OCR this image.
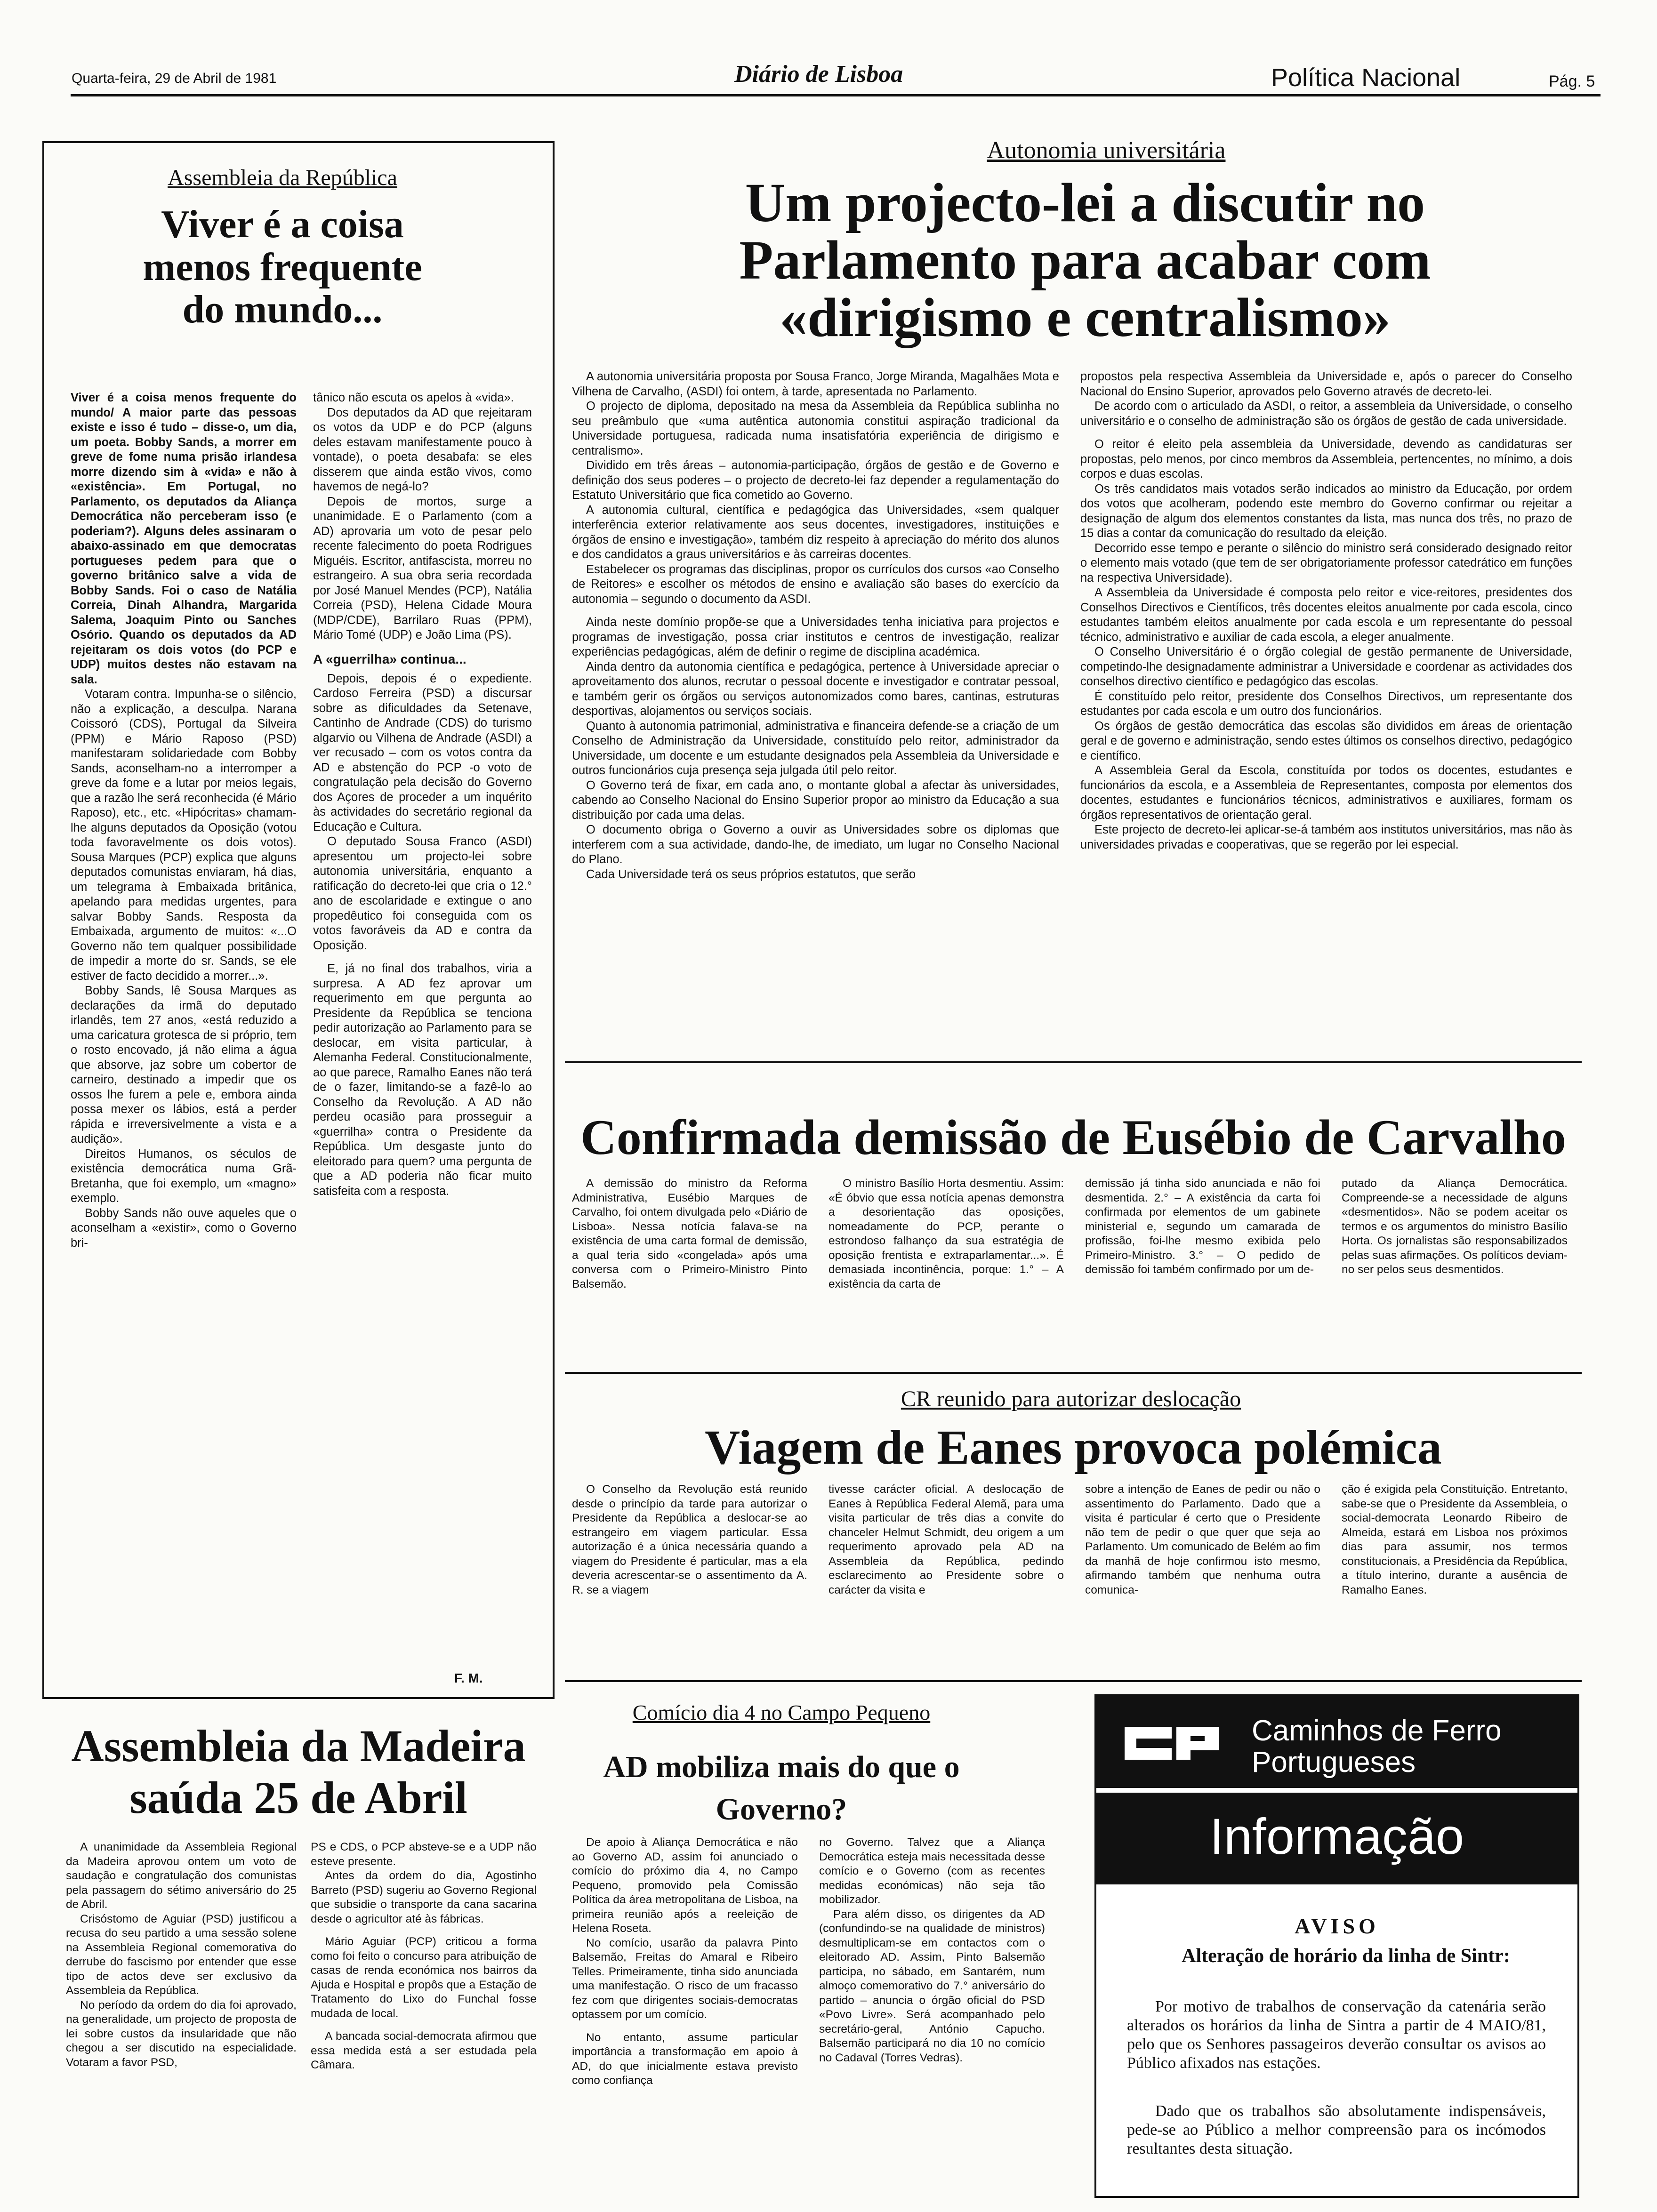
Quarta-feira, 29 de Abril de 1981	Diário de Lisboa	Política Nacional	Pág. 5
Assembleia da República
Viver é a coisa menos frequente do mundo...

Viver é a coisa menos frequente do mundo/ A maior parte das pessoas existe e isso é tudo – disse-o, um dia, um poeta. Bobby Sands, a morrer em greve de fome numa prisão irlandesa morre dizendo sim à «vida» e não à «existência». Em Portugal, no Parlamento, os deputados da Aliança Democrática não perceberam isso (e poderiam?). Alguns deles assinaram o abaixo-assinado em que democratas portugueses pedem para que o governo britânico salve a vida de Bobby Sands. Foi o caso de Natália Correia, Dinah Alhandra, Margarida Salema, Joaquim Pinto ou Sanches Osório. Quando os deputados da AD rejeitaram os dois votos (do PCP e UDP) muitos destes não estavam na sala.

Votaram contra. Impunha-se o silêncio, não a explicação, a desculpa. Narana Coissoró (CDS), Portugal da Silveira (PPM) e Mário Raposo (PSD) manifestaram solidariedade com Bobby Sands, aconselham-no a interromper a greve da fome e a lutar por meios legais, que a razão lhe será reconhecida (é Mário Raposo), etc., etc. «Hipócritas» chamam-lhe alguns deputados da Oposição (votou toda favoravelmente os dois votos). Sousa Marques (PCP) explica que alguns deputados comunistas enviaram, há dias, um telegrama à Embaixada britânica, apelando para medidas urgentes, para salvar Bobby Sands. Resposta da Embaixada, argumento de muitos: «...O Governo não tem qualquer possibilidade de impedir a morte do sr. Sands, se ele estiver de facto decidido a morrer...».

Bobby Sands, lê Sousa Marques as declarações da irmã do deputado irlandês, tem 27 anos, «está reduzido a uma caricatura grotesca de si próprio, tem o rosto encovado, já não elima a água que absorve, jaz sobre um cobertor de carneiro, destinado a impedir que os ossos lhe furem a pele e, embora ainda possa mexer os lábios, está a perder rápida e irreversivelmente a vista e a audição».

Direitos Humanos, os séculos de existência democrática numa Grã-Bretanha, que foi exemplo, um «magno» exemplo.

Bobby Sands não ouve aqueles que o aconselham a «existir», como o Governo bri-

tânico não escuta os apelos à «vida».

Dos deputados da AD que rejeitaram os votos da UDP e do PCP (alguns deles estavam manifestamente pouco à vontade), o poeta desabafa: se eles disserem que ainda estão vivos, como havemos de negá-lo?

Depois de mortos, surge a unanimidade. E o Parlamento (com a AD) aprovaria um voto de pesar pelo recente falecimento do poeta Rodrigues Miguéis. Escritor, antifascista, morreu no estrangeiro. A sua obra seria recordada por José Manuel Mendes (PCP), Natália Correia (PSD), Helena Cidade Moura (MDP/CDE), Barrilaro Ruas (PPM), Mário Tomé (UDP) e João Lima (PS).

A «guerrilha» continua...

Depois, depois é o expediente. Cardoso Ferreira (PSD) a discursar sobre as dificuldades da Setenave, Cantinho de Andrade (CDS) do turismo algarvio ou Vilhena de Andrade (ASDI) a ver recusado – com os votos contra da AD e abstenção do PCP -o voto de congratulação pela decisão do Governo dos Açores de proceder a um inquérito às actividades do secretário regional da Educação e Cultura.

O deputado Sousa Franco (ASDI) apresentou um projecto-lei sobre autonomia universitária, enquanto a ratificação do decreto-lei que cria o 12.° ano de escolaridade e extingue o ano propedêutico foi conseguida com os votos favoráveis da AD e contra da Oposição.

E, já no final dos trabalhos, viria a surpresa. A AD fez aprovar um requerimento em que pergunta ao Presidente da República se tenciona pedir autorização ao Parlamento para se deslocar, em visita particular, à Alemanha Federal. Constitucionalmente, ao que parece, Ramalho Eanes não terá de o fazer, limitando-se a fazê-lo ao Conselho da Revolução. A AD não perdeu ocasião para prosseguir a «guerrilha» contra o Presidente da República. Um desgaste junto do eleitorado para quem? uma pergunta de que a AD poderia não ficar muito satisfeita com a resposta.

F. M.
Autonomia universitária
Um projecto-lei a discutir no Parlamento para acabar com «dirigismo e centralismo»

A autonomia universitária proposta por Sousa Franco, Jorge Miranda, Magalhães Mota e Vilhena de Carvalho, (ASDI) foi ontem, à tarde, apresentada no Parlamento.

O projecto de diploma, depositado na mesa da Assembleia da República sublinha no seu preâmbulo que «uma autêntica autonomia constitui aspiração tradicional da Universidade portuguesa, radicada numa insatisfatória experiência de dirigismo e centralismo».

Dividido em três áreas – autonomia-participação, órgãos de gestão e de Governo e definição dos seus poderes – o projecto de decreto-lei faz depender a regulamentação do Estatuto Universitário que fica cometido ao Governo.

A autonomia cultural, científica e pedagógica das Universidades, «sem qualquer interferência exterior relativamente aos seus docentes, investigadores, instituições e órgãos de ensino e investigação», também diz respeito à apreciação do mérito dos alunos e dos candidatos a graus universitários e às carreiras docentes.

Estabelecer os programas das disciplinas, propor os currículos dos cursos «ao Conselho de Reitores» e escolher os métodos de ensino e avaliação são bases do exercício da autonomia – segundo o documento da ASDI.

Ainda neste domínio propõe-se que a Universidades tenha iniciativa para projectos e programas de investigação, possa criar institutos e centros de investigação, realizar experiências pedagógicas, além de definir o regime de disciplina académica.

Ainda dentro da autonomia científica e pedagógica, pertence à Universidade apreciar o aproveitamento dos alunos, recrutar o pessoal docente e investigador e contratar pessoal, e também gerir os órgãos ou serviços autonomizados como bares, cantinas, estruturas desportivas, alojamentos ou serviços sociais.

Quanto à autonomia patrimonial, administrativa e financeira defende-se a criação de um Conselho de Administração da Universidade, constituído pelo reitor, administrador da Universidade, um docente e um estudante designados pela Assembleia da Universidade e outros funcionários cuja presença seja julgada útil pelo reitor.

O Governo terá de fixar, em cada ano, o montante global a afectar às universidades, cabendo ao Conselho Nacional do Ensino Superior propor ao ministro da Educação a sua distribuição por cada uma delas.

O documento obriga o Governo a ouvir as Universidades sobre os diplomas que interferem com a sua actividade, dando-lhe, de imediato, um lugar no Conselho Nacional do Plano.

Cada Universidade terá os seus próprios estatutos, que serão

propostos pela respectiva Assembleia da Universidade e, após o parecer do Conselho Nacional do Ensino Superior, aprovados pelo Governo através de decreto-lei.

De acordo com o articulado da ASDI, o reitor, a assembleia da Universidade, o conselho universitário e o conselho de administração são os órgãos de gestão de cada universidade.

O reitor é eleito pela assembleia da Universidade, devendo as candidaturas ser propostas, pelo menos, por cinco membros da Assembleia, pertencentes, no mínimo, a dois corpos e duas escolas.

Os três candidatos mais votados serão indicados ao ministro da Educação, por ordem dos votos que acolheram, podendo este membro do Governo confirmar ou rejeitar a designação de algum dos elementos constantes da lista, mas nunca dos três, no prazo de 15 dias a contar da comunicação do resultado da eleição.

Decorrido esse tempo e perante o silêncio do ministro será considerado designado reitor o elemento mais votado (que tem de ser obrigatoriamente professor catedrático em funções na respectiva Universidade).

A Assembleia da Universidade é composta pelo reitor e vice-reitores, presidentes dos Conselhos Directivos e Científicos, três docentes eleitos anualmente por cada escola, cinco estudantes também eleitos anualmente por cada escola e um representante do pessoal técnico, administrativo e auxiliar de cada escola, a eleger anualmente.

O Conselho Universitário é o órgão colegial de gestão permanente de Universidade, competindo-lhe designadamente administrar a Universidade e coordenar as actividades dos conselhos directivo científico e pedagógico das escolas.

É constituído pelo reitor, presidente dos Conselhos Directivos, um representante dos estudantes por cada escola e um outro dos funcionários.

Os órgãos de gestão democrática das escolas são divididos em áreas de orientação geral e de governo e administração, sendo estes últimos os conselhos directivo, pedagógico e científico.

A Assembleia Geral da Escola, constituída por todos os docentes, estudantes e funcionários da escola, e a Assembleia de Representantes, composta por elementos dos docentes, estudantes e funcionários técnicos, administrativos e auxiliares, formam os órgãos representativos de orientação geral.

Este projecto de decreto-lei aplicar-se-á também aos institutos universitários, mas não às universidades privadas e cooperativas, que se regerão por lei especial.

Confirmada demissão de Eusébio de Carvalho

A demissão do ministro da Reforma Administrativa, Eusébio Marques de Carvalho, foi ontem divulgada pelo «Diário de Lisboa». Nessa notícia falava-se na existência de uma carta formal de demissão, a qual teria sido «congelada» após uma conversa com o Primeiro-Ministro Pinto Balsemão.

O ministro Basílio Horta desmentiu. Assim: «É óbvio que essa notícia apenas demonstra a desorientação das oposições, nomeadamente do PCP, perante o estrondoso falhanço da sua estratégia de oposição frentista e extraparlamentar...». É demasiada incontinência, porque: 1.° – A existência da carta de

demissão já tinha sido anunciada e não foi desmentida. 2.° – A existência da carta foi confirmada por elementos de um gabinete ministerial e, segundo um camarada de profissão, foi-lhe mesmo exibida pelo Primeiro-Ministro. 3.° – O pedido de demissão foi também confirmado por um de-

putado da Aliança Democrática. Compreende-se a necessidade de alguns «desmentidos». Não se podem aceitar os termos e os argumentos do ministro Basílio Horta. Os jornalistas são responsabilizados pelas suas afirmações. Os políticos deviam-no ser pelos seus desmentidos.

CR reunido para autorizar deslocação
Viagem de Eanes provoca polémica

O Conselho da Revolução está reunido desde o princípio da tarde para autorizar o Presidente da República a deslocar-se ao estrangeiro em viagem particular. Essa autorização é a única necessária quando a viagem do Presidente é particular, mas a ela deveria acrescentar-se o assentimento da A. R. se a viagem

tivesse carácter oficial. A deslocação de Eanes à República Federal Alemã, para uma visita particular de três dias a convite do chanceler Helmut Schmidt, deu origem a um requerimento aprovado pela AD na Assembleia da República, pedindo esclarecimento ao Presidente sobre o carácter da visita e

sobre a intenção de Eanes de pedir ou não o assentimento do Parlamento. Dado que a visita é particular é certo que o Presidente não tem de pedir o que quer que seja ao Parlamento. Um comunicado de Belém ao fim da manhã de hoje confirmou isto mesmo, afirmando também que nenhuma outra comunica-

ção é exigida pela Constituição. Entretanto, sabe-se que o Presidente da Assembleia, o social-democrata Leonardo Ribeiro de Almeida, estará em Lisboa nos próximos dias para assumir, nos termos constitucionais, a Presidência da República, a título interino, durante a ausência de Ramalho Eanes.

Assembleia da Madeira saúda 25 de Abril

A unanimidade da Assembleia Regional da Madeira aprovou ontem um voto de saudação e congratulação dos comunistas pela passagem do sétimo aniversário do 25 de Abril.

Crisóstomo de Aguiar (PSD) justificou a recusa do seu partido a uma sessão solene na Assembleia Regional comemorativa do derrube do fascismo por entender que esse tipo de actos deve ser exclusivo da Assembleia da República.

No período da ordem do dia foi aprovado, na generalidade, um projecto de proposta de lei sobre custos da insularidade que não chegou a ser discutido na especialidade. Votaram a favor PSD,

PS e CDS, o PCP absteve-se e a UDP não esteve presente.

Antes da ordem do dia, Agostinho Barreto (PSD) sugeriu ao Governo Regional que subsidie o transporte da cana sacarina desde o agricultor até às fábricas.

Mário Aguiar (PCP) criticou a forma como foi feito o concurso para atribuição de casas de renda económica nos bairros da Ajuda e Hospital e propôs que a Estação de Tratamento do Lixo do Funchal fosse mudada de local.

A bancada social-democrata afirmou que essa medida está a ser estudada pela Câmara.

Comício dia 4 no Campo Pequeno
AD mobiliza mais do que o Governo?

De apoio à Aliança Democrática e não ao Governo AD, assim foi anunciado o comício do próximo dia 4, no Campo Pequeno, promovido pela Comissão Política da área metropolitana de Lisboa, na primeira reunião após a reeleição de Helena Roseta.

No comício, usarão da palavra Pinto Balsemão, Freitas do Amaral e Ribeiro Telles. Primeiramente, tinha sido anunciada uma manifestação. O risco de um fracasso fez com que dirigentes sociais-democratas optassem por um comício.

No entanto, assume particular importância a transformação em apoio à AD, do que inicialmente estava previsto como confiança

no Governo. Talvez que a Aliança Democrática esteja mais necessitada desse comício e o Governo (com as recentes medidas económicas) não seja tão mobilizador.

Para além disso, os dirigentes da AD (confundindo-se na qualidade de ministros) desmultiplicam-se em contactos com o eleitorado AD. Assim, Pinto Balsemão participa, no sábado, em Santarém, num almoço comemorativo do 7.° aniversário do partido – anuncia o órgão oficial do PSD «Povo Livre». Será acompanhado pelo secretário-geral, António Capucho. Balsemão participará no dia 10 no comício no Cadaval (Torres Vedras).

Caminhos de Ferro
Portugueses
Informação
AVISO
Alteração de horário da linha de Sintr:
Por motivo de trabalhos de conservação da catenária serão alterados os horários da linha de Sintra a partir de 4 MAIO/81, pelo que os Senhores passageiros deverão consultar os avisos ao Público afixados nas estações.
Dado que os trabalhos são absolutamente indispensáveis, pede-se ao Público a melhor compreensão para os incómodos resultantes desta situação.
